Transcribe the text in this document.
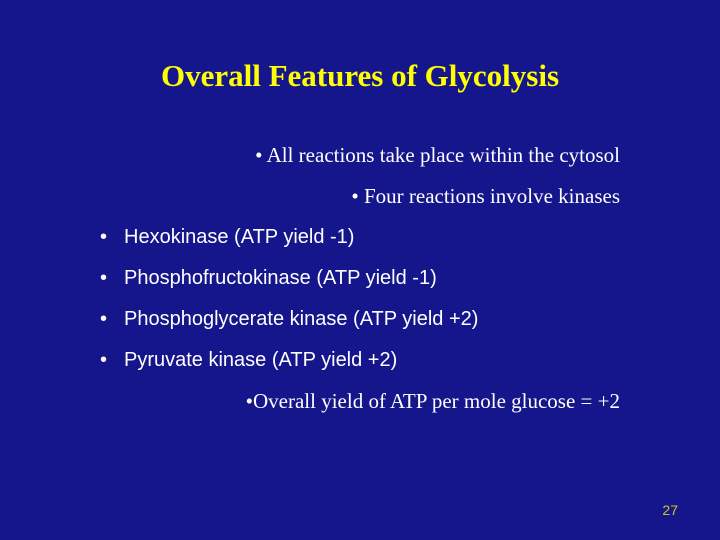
Overall Features of Glycolysis
• All reactions take place within the cytosol
• Four reactions involve kinases
• Hexokinase (ATP yield -1)
• Phosphofructokinase (ATP yield -1)
• Phosphoglycerate kinase (ATP yield +2)
• Pyruvate kinase (ATP yield +2)
•Overall yield of ATP per mole glucose = +2
27
